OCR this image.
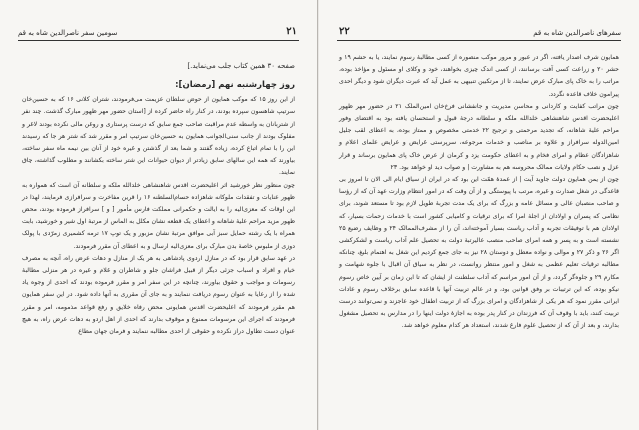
سومین سفر ناصرالدین شاه به قم	۲۱

صفحه ۳۰ همین کتاب جلب می‌نماید.]

روز چهارشنبه نهم [رمضان]:

از این روز ۱۵ که موکب همایون از حوض سلطان عزیمت می‌فرمودند، شتران کلانی ۱۶ که به حسین‌خان سرتیپ شاهسون سپرده بودند، در کنار راه حاضر کرده از [استان حضور مهر ظهور مبارک گذشت. چند نفر از شتربانان به واسطه عدم مراقبت صاحب جمع سابق که درست پرستاری و روغن مالی نکرده بودند لاغر و مفلوک بودند از جانب سنی‌الجوانب همایون به حسین‌خان سرتیپ امر و مقرر شد که شتر هر جا که رسیدند این را با تمام اتباع کرده، زیاده گفتند و شما بعد از گذشتن و غیره خود از آنان بین نیمه ماه سفر ساخته، بیاورند که همه این سالهای سابق زیادتر از دیوان حیوانات این شتر ساخته بکشانند و مطلوب گذاشته، چاق نمایند.

چون منظور نظر خورشید اثر اعلیحضرت اقدس شاهنشاهی خلدالله ملکه و سلطانه آن است که همواره به ظهور عنایات و تفقدات ملوکانه شاهزاده حسام‌السلطنه ۱۶ را قرین مفاخرت و سرافرازی فرمایند، لهذا در این اوقات که معزی‌الیه را به ایالت و حکمرانی مملکت فارس مأمور [ و ] سرافراز فرموده بودند، محض ظهور مزید مراحم علیهٔ شاهانه و اعطای یک قطعه نشان مکلل به الماس از مرتبهٔ اول شیر و خورشید، بابت همراه با یک رشته حمایل سبز آبی موافق مرتبهٔ نشان مزبور و یک توپ ۱۷ ترمه کشمیری زمرّدی با پولک دوزی از ملبوس خاصهٔ بدن مبارک برای معزی‌الیه ارسال و به اعطای آن مقرر فرمودند.

در عهد سابق قرار بود که در منازل اردوی پادشاهی به هر یک از منازل و دهات عرض راه، آنچه به مصرف خیام و افراد و اسباب جزئی دیگر از قبیل فراشان جلو و شاطران و غلام و غیره در هر منزلی مطالبهٔ رسومات و مواجب و حقوق بیاورند، چنانچه در این سفر امر و مقرر فرموده بودند که احدی از وجوه یاد شده را از رعایا به عنوان رسوم دریافت ننمایند و به جای آن مقرری به آنها داده شود. در این سفر همایون هم مقرر فرمودند که اعلیحضرت اقدس همایونی محض رفاه خلایق و رفع قواعد مذمومه، امر و مقرر فرمودند که اجرای این مرسومات ممنوع و موقوف بدارند که احدی از اهل اردو به دهات عرض راه، به هیچ عنوان دست تطاول دراز نکرده و حقوقی از احدی مطالبه ننمایند و فرمان جهان مطاع

سفرهای ناصرالدین شاه به قم
۲۲

همایون شرف اصدار یافته، اگر در عبور و مرور موکب منصوره از کسی مطالبهٔ رسوم نمایند، یا به حشم ۱۹ و حشر ۲۰ و زراعت کسی آفت برسانند، از کسی اندک چیزی بخواهند، خود و وکلای او مسئول و مؤاخذ بوده، مراتب را به خاک پای مبارک عرض نمایند، تا از مرتکبین تنبیهی به عمل آید که عبرت دیگران شود و دیگر احدی پیرامون خلاف قاعده نگردد.

چون مراتب کفایت و کاردانی و محاسن مدیریت و جانفشانی فرخ‌خان امین‌الملک ۲۱ در حضور مهر ظهور اعلیحضرت اقدس شاهنشاهی خلدالله ملکه و سلطانه درجهٔ قبول و استحسان یافته بود به اقتضای وفور مراحم علیهٔ شاهانه، که تجدید مرحمتی و ترجیح ۲۲ خدمتی مخصوص و ممتاز بوده، به اعطای لقب جلیل امین‌الدوله سرافراز و علاوه بر مناصب و خدمات مرجوعه، سرپرستی غرایض و عرایض علمای اعلام و شاهزادگان عظام و امرای فخام و به اعطای حکومت یزد و کرمان از عرض خاک پای همایون برساند و قرار عزل و نصب حکام ولایات ممالک محروسه هم به مشاورت | و صواب دید او خواهد بود. ۲۳

چون از یمن همایون دولت جاوید آیت | از عمدهٔ همّت این بود که در ایران از سیاق ایام الی الان تا امروز بی قاعدگی در شغل صدارت و غیره، مرتب با پیوستگی و از آن وقت که در امور انتظام وزارت عهد آن که از رؤسا و صاحب منصبان عالی و مسائل عامه و بزرگ که برای یک مدت تجربهٔ طویل لازم بود تا مستعد شوند، برای نظامی که پسران و اولادان از اجلهٔ امرا که برای ترقیات و کامیابی کشور است با خدمات زحمات بسیار، که اولادان هم با توفیقات تجربه و آداب ریاست بسیار آموخته‌اند، آن را از مشرف‌الممالک ۲۴ و وظایف رضیع ۲۵ نشسته است و به پسر و همه امرای صاحب منصب عالیرتبهٔ دولت به تحصیل علم آداب ریاست و لشکرکشی اگر ۲۶ و ذکر ۲۷ و موالی و نواده معطل و دوستان ۲۸ نیز به جای جمع کردیم این شغل به اهتمام بلیغ، چنانکه مطالبه ترقیات تعلیم عظمی به شغل و امور منتظر روانست، در نظر به سیاق آن اقبال با جلوه شهامت و مکارم ۲۹ و جلوه‌گر گردد، و از آن امور مراسم که آداب سلطنت از ایشان که تا این زمان بر آیین خاص رسوم نیکو بوده، که این ترتیبات بر وفق قوانین بود، و در عالم تربیت آنها با قاعده سابق برخلاف رسوم و عادات ایرانی مقرر نمود که هر یکی از شاهزادگان و امرای بزرگ که از تربیت اطفال خود عاجزند و نمی‌توانند درست تربیت کنند، باید با وقوف آن که فرزندان در کنار پدر بوده به اجازهٔ دولت اینها را در مدارس به تحصیل مشغول بدارند، و بعد از آن که از تحصیل علوم فارغ شدند، استعداد هر کدام معلوم خواهد شد.
